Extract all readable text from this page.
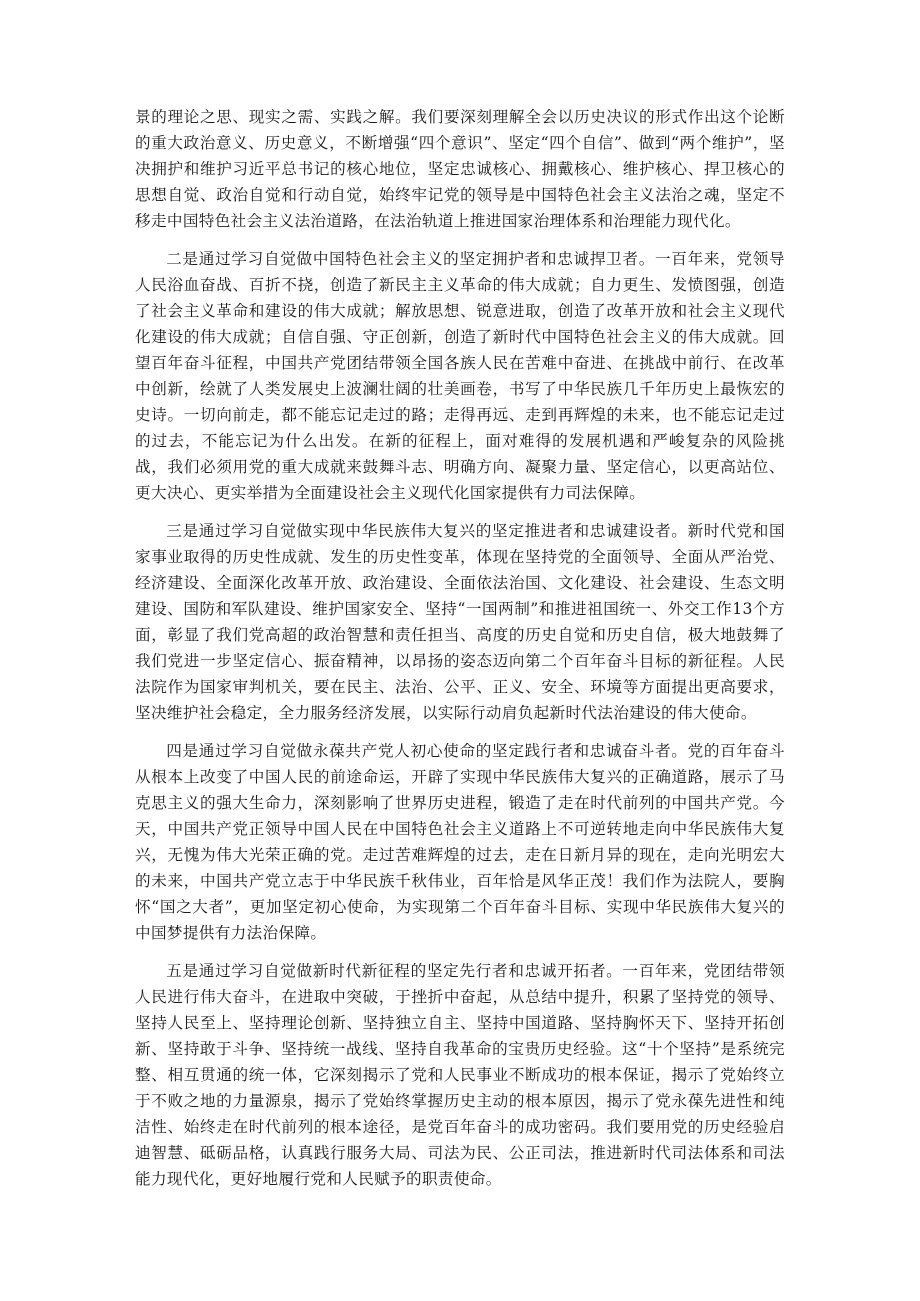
景的理论之思、现实之需、实践之解。我们要深刻理解全会以历史决议的形式作出这个论断的重大政治意义、历史意义，不断增强“四个意识”、坚定“四个自信”、做到“两个维护”，坚决拥护和维护习近平总书记的核心地位，坚定忠诚核心、拥戴核心、维护核心、捍卫核心的思想自觉、政治自觉和行动自觉，始终牢记党的领导是中国特色社会主义法治之魂，坚定不移走中国特色社会主义法治道路，在法治轨道上推进国家治理体系和治理能力现代化。

二是通过学习自觉做中国特色社会主义的坚定拥护者和忠诚捍卫者。一百年来，党领导人民浴血奋战、百折不挠，创造了新民主主义革命的伟大成就；自力更生、发愤图强，创造了社会主义革命和建设的伟大成就；解放思想、锐意进取，创造了改革开放和社会主义现代化建设的伟大成就；自信自强、守正创新，创造了新时代中国特色社会主义的伟大成就。回望百年奋斗征程，中国共产党团结带领全国各族人民在苦难中奋进、在挑战中前行、在改革中创新，绘就了人类发展史上波澜壮阔的壮美画卷，书写了中华民族几千年历史上最恢宏的史诗。一切向前走，都不能忘记走过的路；走得再远、走到再辉煌的未来，也不能忘记走过的过去，不能忘记为什么出发。在新的征程上，面对难得的发展机遇和严峻复杂的风险挑战，我们必须用党的重大成就来鼓舞斗志、明确方向、凝聚力量、坚定信心，以更高站位、更大决心、更实举措为全面建设社会主义现代化国家提供有力司法保障。

三是通过学习自觉做实现中华民族伟大复兴的坚定推进者和忠诚建设者。新时代党和国家事业取得的历史性成就、发生的历史性变革，体现在坚持党的全面领导、全面从严治党、经济建设、全面深化改革开放、政治建设、全面依法治国、文化建设、社会建设、生态文明建设、国防和军队建设、维护国家安全、坚持“一国两制”和推进祖国统一、外交工作13个方面，彰显了我们党高超的政治智慧和责任担当、高度的历史自觉和历史自信，极大地鼓舞了我们党进一步坚定信心、振奋精神，以昂扬的姿态迈向第二个百年奋斗目标的新征程。人民法院作为国家审判机关，要在民主、法治、公平、正义、安全、环境等方面提出更高要求，坚决维护社会稳定，全力服务经济发展，以实际行动肩负起新时代法治建设的伟大使命。

四是通过学习自觉做永葆共产党人初心使命的坚定践行者和忠诚奋斗者。党的百年奋斗从根本上改变了中国人民的前途命运，开辟了实现中华民族伟大复兴的正确道路，展示了马克思主义的强大生命力，深刻影响了世界历史进程，锻造了走在时代前列的中国共产党。今天，中国共产党正领导中国人民在中国特色社会主义道路上不可逆转地走向中华民族伟大复兴，无愧为伟大光荣正确的党。走过苦难辉煌的过去，走在日新月异的现在，走向光明宏大的未来，中国共产党立志于中华民族千秋伟业，百年恰是风华正茂！我们作为法院人，要胸怀“国之大者”，更加坚定初心使命，为实现第二个百年奋斗目标、实现中华民族伟大复兴的中国梦提供有力法治保障。

五是通过学习自觉做新时代新征程的坚定先行者和忠诚开拓者。一百年来，党团结带领人民进行伟大奋斗，在进取中突破，于挫折中奋起，从总结中提升，积累了坚持党的领导、坚持人民至上、坚持理论创新、坚持独立自主、坚持中国道路、坚持胸怀天下、坚持开拓创新、坚持敢于斗争、坚持统一战线、坚持自我革命的宝贵历史经验。这“十个坚持”是系统完整、相互贯通的统一体，它深刻揭示了党和人民事业不断成功的根本保证，揭示了党始终立于不败之地的力量源泉，揭示了党始终掌握历史主动的根本原因，揭示了党永葆先进性和纯洁性、始终走在时代前列的根本途径，是党百年奋斗的成功密码。我们要用党的历史经验启迪智慧、砥砺品格，认真践行服务大局、司法为民、公正司法，推进新时代司法体系和司法能力现代化，更好地履行党和人民赋予的职责使命。
